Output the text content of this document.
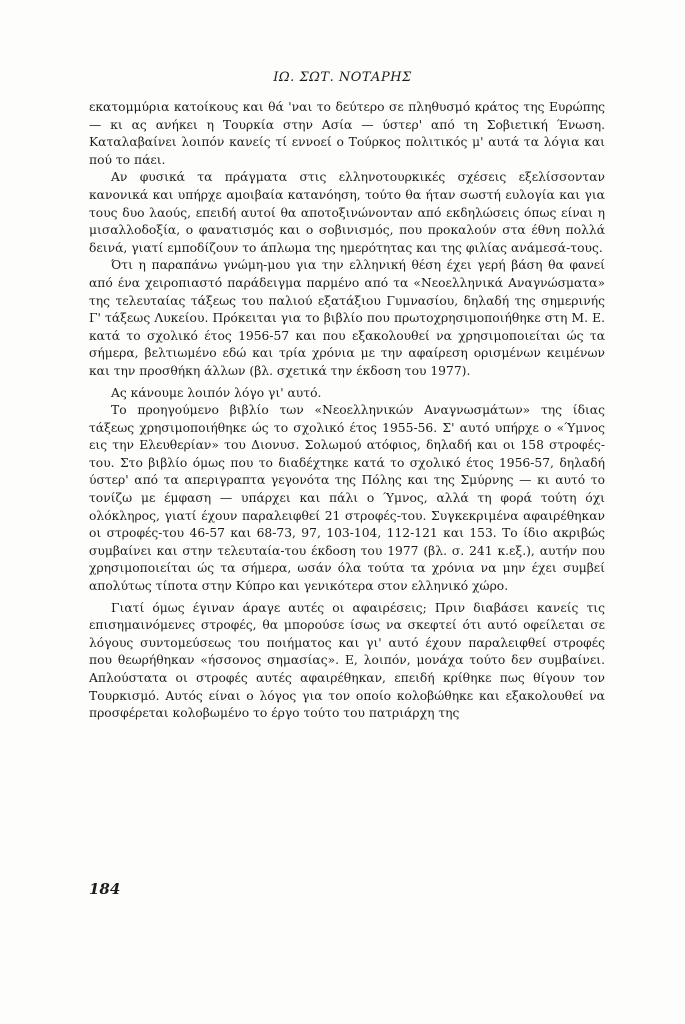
ΙΩ. ΣΩΤ. ΝΟΤΑΡΗΣ

εκατομμύρια κατοίκους και θά 'ναι το δεύτερο σε πληθυσμό κράτος της Ευρώπης — κι ας ανήκει η Τουρκία στην Ασία — ύστερ' από τη Σοβιετική Ένωση. Καταλαβαίνει λοιπόν κανείς τί εννοεί ο Τούρκος πολιτικός μ' αυτά τα λόγια και πού το πάει.

Αν φυσικά τα πράγματα στις ελληνοτουρκικές σχέσεις εξελίσσονταν κανονικά και υπήρχε αμοιβαία κατανόηση, τούτο θα ήταν σωστή ευλογία και για τους δυο λαούς, επειδή αυτοί θα αποτοξινώνονταν από εκδηλώσεις όπως είναι η μισαλλοδοξία, ο φανατισμός και ο σοβινισμός, που προκαλούν στα έθνη πολλά δεινά, γιατί εμποδίζουν το άπλωμα της ημερότητας και της φιλίας ανάμεσά-τους.

Ότι η παραπάνω γνώμη-μου για την ελληνική θέση έχει γερή βάση θα φανεί από ένα χειροπιαστό παράδειγμα παρμένο από τα «Νεοελληνικά Αναγνώσματα» της τελευταίας τάξεως του παλιού εξατάξιου Γυμνασίου, δηλαδή της σημερινής Γ' τάξεως Λυκείου. Πρόκειται για το βιβλίο που πρωτοχρησιμοποιήθηκε στη Μ. Ε. κατά το σχολικό έτος 1956-57 και που εξακολουθεί να χρησιμοποιείται ώς τα σήμερα, βελτιωμένο εδώ και τρία χρόνια με την αφαίρεση ορισμένων κειμένων και την προσθήκη άλλων (βλ. σχετικά την έκδοση του 1977).

Ας κάνουμε λοιπόν λόγο γι' αυτό.

Το προηγούμενο βιβλίο των «Νεοελληνικών Αναγνωσμάτων» της ίδιας τάξεως χρησιμοποιήθηκε ώς το σχολικό έτος 1955-56. Σ' αυτό υπήρχε ο «Ύμνος εις την Ελευθερίαν» του Διονυσ. Σολωμού ατόφιος, δηλαδή και οι 158 στροφές-του. Στο βιβλίο όμως που το διαδέχτηκε κατά το σχολικό έτος 1956-57, δηλαδή ύστερ' από τα απεριγραπτα γεγονότα της Πόλης και της Σμύρνης — κι αυτό το τονίζω με έμφαση — υπάρχει και πάλι ο Ύμνος, αλλά τη φορά τούτη όχι ολόκληρος, γιατί έχουν παραλειφθεί 21 στροφές-του. Συγκεκριμένα αφαιρέθηκαν οι στροφές-του 46-57 και 68-73, 97, 103-104, 112-121 και 153. Το ίδιο ακριβώς συμβαίνει και στην τελευταία-του έκδοση του 1977 (βλ. σ. 241 κ.εξ.), αυτήν που χρησιμοποιείται ώς τα σήμερα, ωσάν όλα τούτα τα χρόνια να μην έχει συμβεί απολύτως τίποτα στην Κύπρο και γενικότερα στον ελληνικό χώρο.

Γιατί όμως έγιναν άραγε αυτές οι αφαιρέσεις; Πριν διαβάσει κανείς τις επισημαινόμενες στροφές, θα μπορούσε ίσως να σκεφτεί ότι αυτό οφείλεται σε λόγους συντομεύσεως του ποιήματος και γι' αυτό έχουν παραλειφθεί στροφές που θεωρήθηκαν «ήσσονος σημασίας». Ε, λοιπόν, μονάχα τούτο δεν συμβαίνει. Απλούστατα οι στροφές αυτές αφαιρέθηκαν, επειδή κρίθηκε πως θίγουν τον Τουρκισμό. Αυτός είναι ο λόγος για τον οποίο κολοβώθηκε και εξακολουθεί να προσφέρεται κολοβωμένο το έργο τούτο του πατριάρχη της

184
